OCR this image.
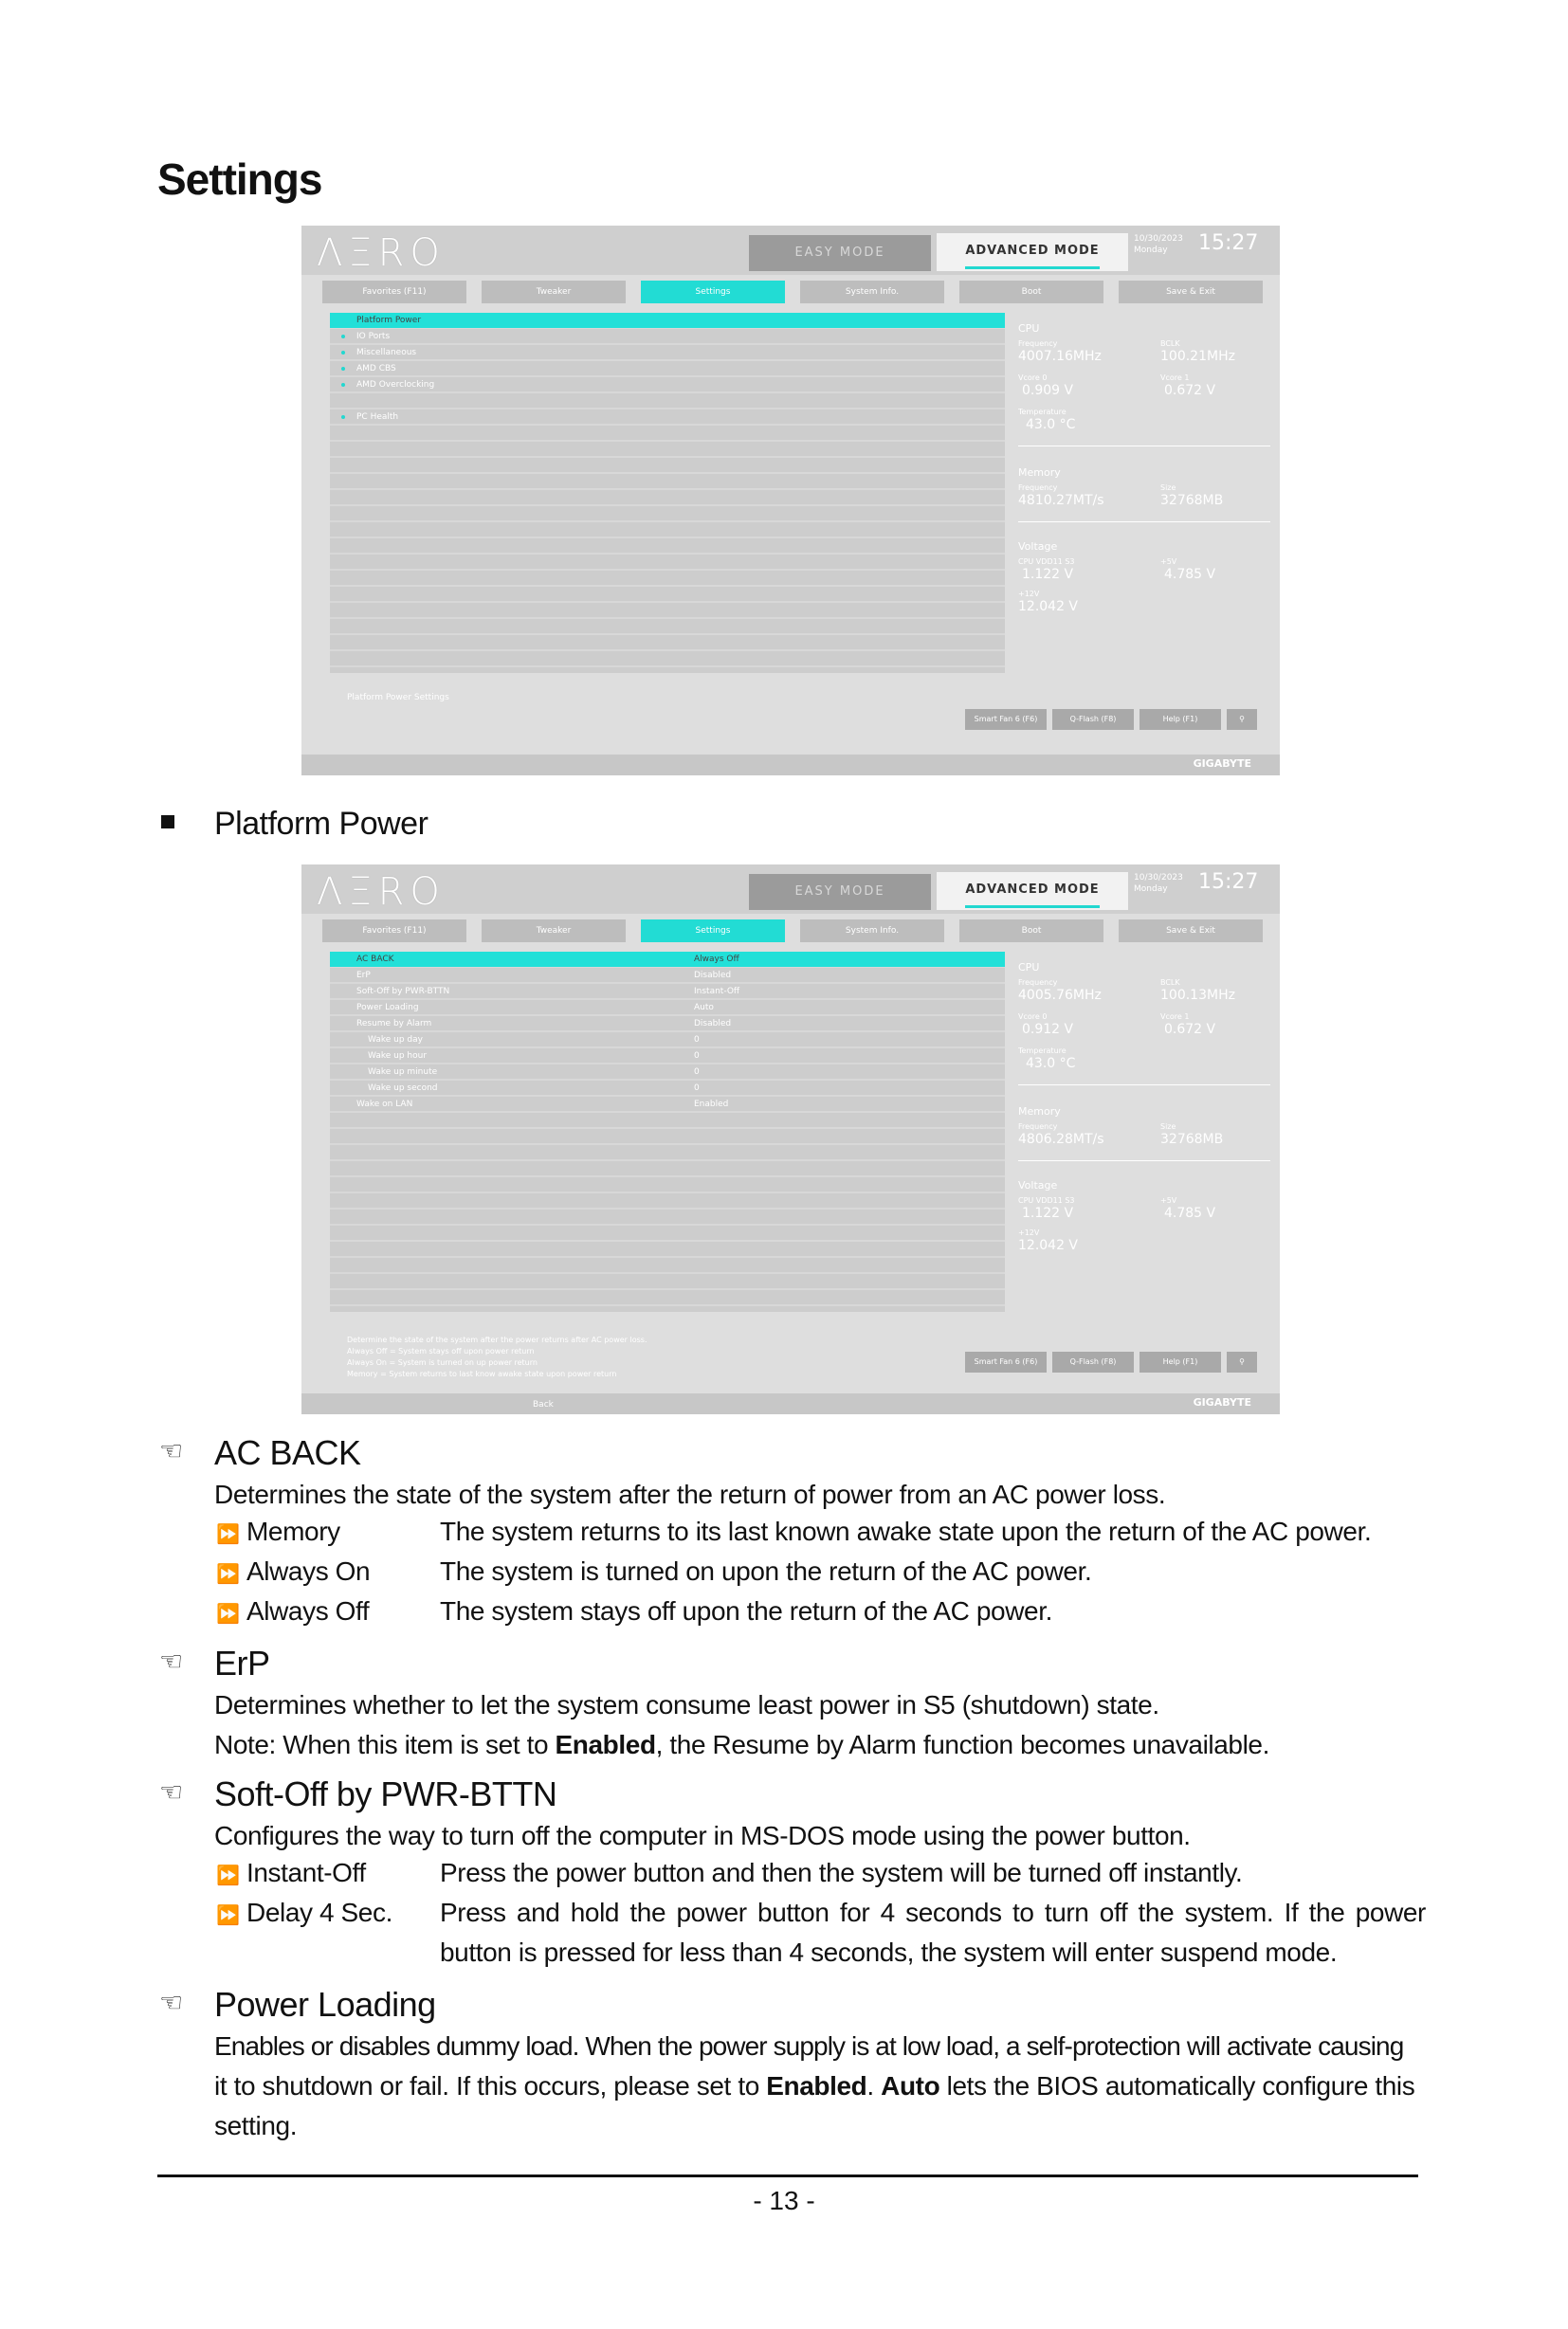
Settings
ΛΞRO	EASY MODE	ADVANCED MODE
10/30/2023
Monday	15:27
Favorites (F11)	Tweaker	Settings	System Info.	Boot	Save & Exit
Platform Power
IO Ports
Miscellaneous
AMD CBS
AMD Overclocking
PC Health
CPU
Frequency	BCLK
4007.16MHz	100.21MHz
Vcore 0	Vcore 1
0.909 V	0.672 V
Temperature
43.0 °C
Memory
Frequency	Size
4810.27MT/s	32768MB
Voltage
CPU VDD11 S3	+5V
1.122 V	4.785 V
+12V
12.042 V
Platform Power Settings
Smart Fan 6 (F6)	Q-Flash (F8)	Help (F1)	⚲
GIGABYTE
Platform Power
ΛΞRO	EASY MODE	ADVANCED MODE
10/30/2023
Monday	15:27
Favorites (F11)	Tweaker	Settings	System Info.	Boot	Save & Exit
AC BACK	Always Off
ErP	Disabled
Soft-Off by PWR-BTTN	Instant-Off
Power Loading	Auto
Resume by Alarm	Disabled
Wake up day	0
Wake up hour	0
Wake up minute	0
Wake up second	0
Wake on LAN	Enabled
CPU
Frequency	BCLK
4005.76MHz	100.13MHz
Vcore 0	Vcore 1
0.912 V	0.672 V
Temperature
43.0 °C
Memory
Frequency	Size
4806.28MT/s	32768MB
Voltage
CPU VDD11 S3	+5V
1.122 V	4.785 V
+12V
12.042 V
Determine the state of the system after the power returns after AC power loss.
Always Off = System stays off upon power return
Always On = System is turned on up power return
Memory = System returns to last know awake state upon power return
Smart Fan 6 (F6)	Q-Flash (F8)	Help (F1)	⚲
Back	GIGABYTE
☜ AC BACK
Determines the state of the system after the return of power from an AC power loss.
⏩ Memory	The system returns to its last known awake state upon the return of the AC power.
⏩ Always On	The system is turned on upon the return of the AC power.
⏩ Always Off	The system stays off upon the return of the AC power.
☜ ErP
Determines whether to let the system consume least power in S5 (shutdown) state.
Note: When this item is set to Enabled, the Resume by Alarm function becomes unavailable.
☜ Soft-Off by PWR-BTTN
Configures the way to turn off the computer in MS-DOS mode using the power button.
⏩ Instant-Off	Press the power button and then the system will be turned off instantly.
⏩ Delay 4 Sec. Press and hold the power button for 4 seconds to turn off the system. If the power
button is pressed for less than 4 seconds, the system will enter suspend mode.
☜ Power Loading
Enables or disables dummy load. When the power supply is at low load, a self-protection will activate causing
it to shutdown or fail. If this occurs, please set to Enabled. Auto lets the BIOS automatically configure this
setting.
- 13 -
